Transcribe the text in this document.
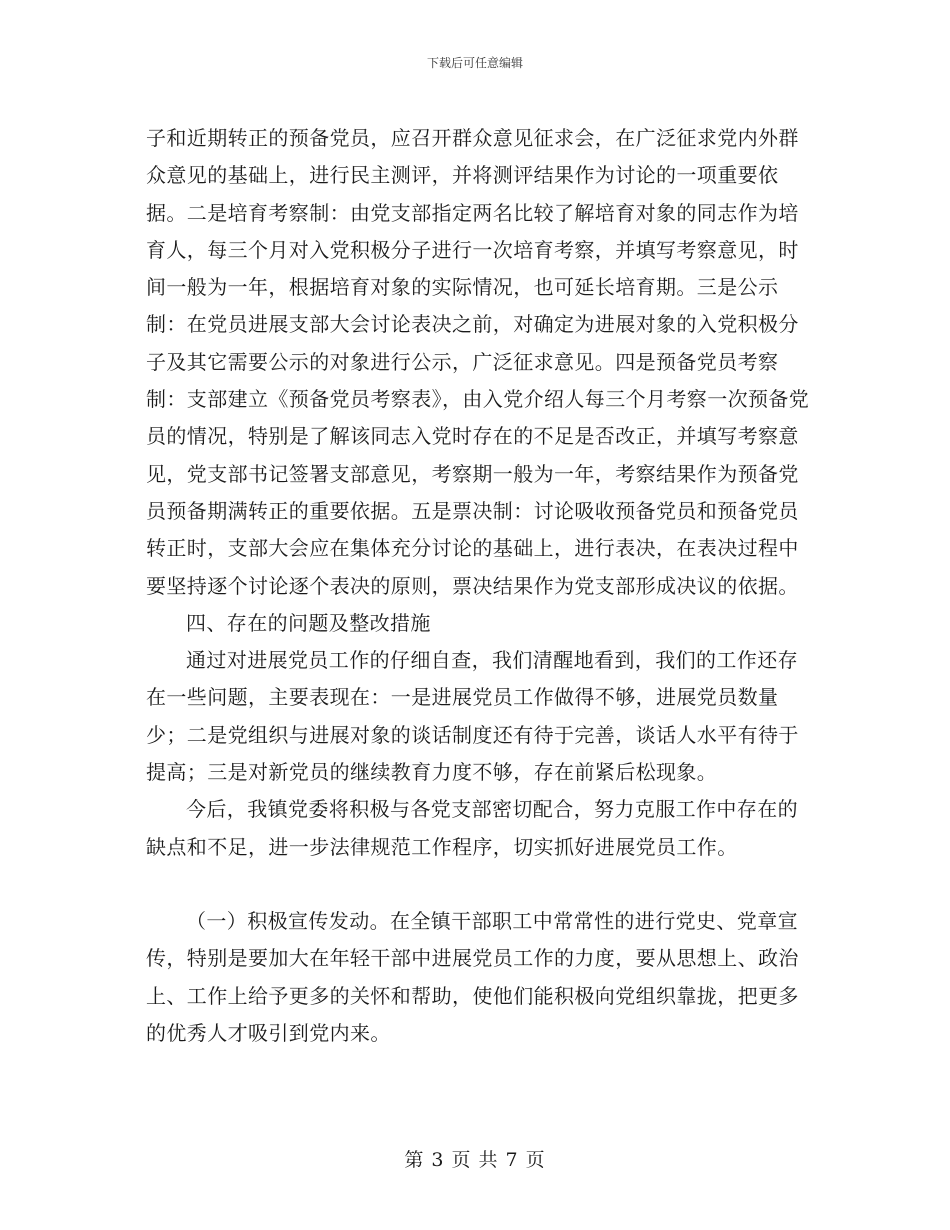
下载后可任意编辑

子和近期转正的预备党员，应召开群众意见征求会，在广泛征求党内外群众意见的基础上，进行民主测评，并将测评结果作为讨论的一项重要依据。二是培育考察制：由党支部指定两名比较了解培育对象的同志作为培育人，每三个月对入党积极分子进行一次培育考察，并填写考察意见，时间一般为一年，根据培育对象的实际情况，也可延长培育期。三是公示制：在党员进展支部大会讨论表决之前，对确定为进展对象的入党积极分子及其它需要公示的对象进行公示，广泛征求意见。四是预备党员考察制：支部建立《预备党员考察表》，由入党介绍人每三个月考察一次预备党员的情况，特别是了解该同志入党时存在的不足是否改正，并填写考察意见，党支部书记签署支部意见，考察期一般为一年，考察结果作为预备党员预备期满转正的重要依据。五是票决制：讨论吸收预备党员和预备党员转正时，支部大会应在集体充分讨论的基础上，进行表决，在表决过程中要坚持逐个讨论逐个表决的原则，票决结果作为党支部形成决议的依据。

四、存在的问题及整改措施

通过对进展党员工作的仔细自查，我们清醒地看到，我们的工作还存在一些问题，主要表现在：一是进展党员工作做得不够，进展党员数量少；二是党组织与进展对象的谈话制度还有待于完善，谈话人水平有待于提高；三是对新党员的继续教育力度不够，存在前紧后松现象。

今后，我镇党委将积极与各党支部密切配合，努力克服工作中存在的缺点和不足，进一步法律规范工作程序，切实抓好进展党员工作。

（一）积极宣传发动。在全镇干部职工中常常性的进行党史、党章宣传，特别是要加大在年轻干部中进展党员工作的力度，要从思想上、政治上、工作上给予更多的关怀和帮助，使他们能积极向党组织靠拢，把更多的优秀人才吸引到党内来。

第 3 页 共 7 页
